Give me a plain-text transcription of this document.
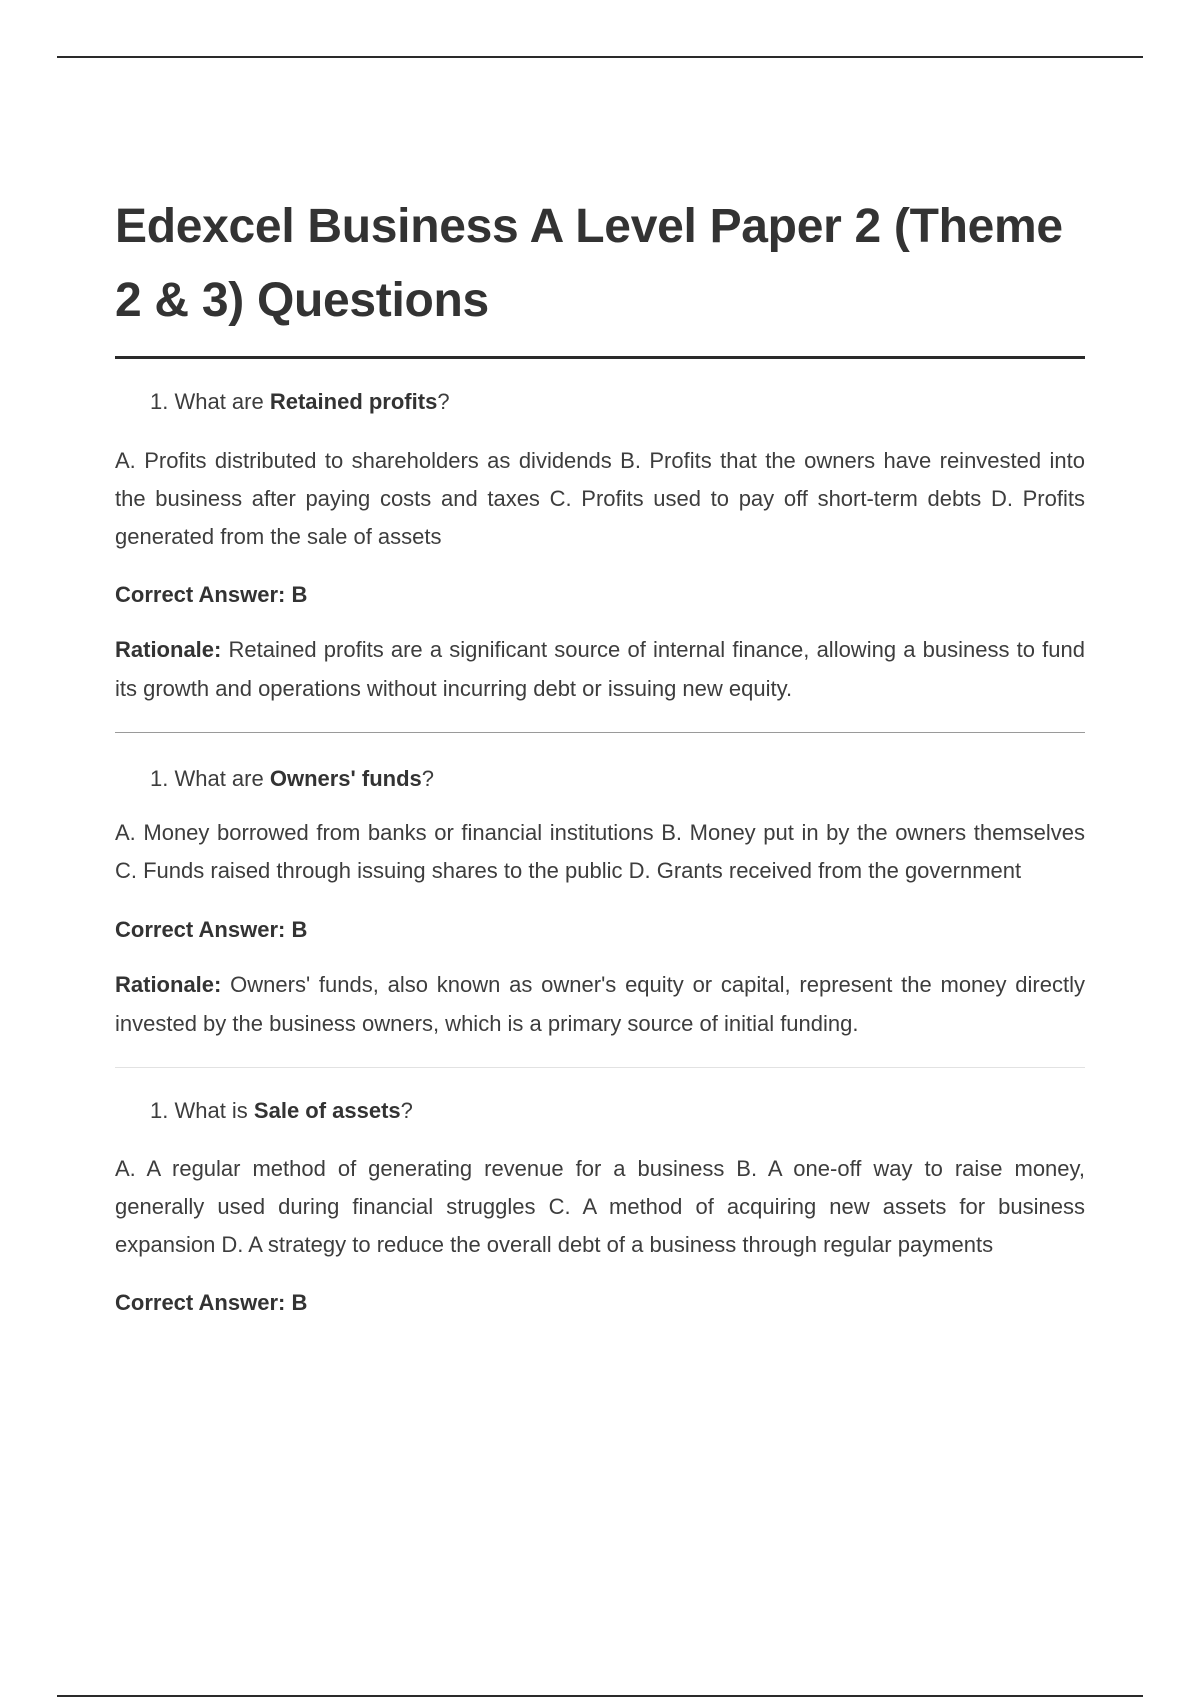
Edexcel Business A Level Paper 2 (Theme 2 & 3) Questions

1. What are Retained profits?

A. Profits distributed to shareholders as dividends B. Profits that the owners have reinvested into the business after paying costs and taxes C. Profits used to pay off short-term debts D. Profits generated from the sale of assets

Correct Answer: B

Rationale: Retained profits are a significant source of internal finance, allowing a business to fund its growth and operations without incurring debt or issuing new equity.

1. What are Owners' funds?

A. Money borrowed from banks or financial institutions B. Money put in by the owners themselves C. Funds raised through issuing shares to the public D. Grants received from the government

Correct Answer: B

Rationale: Owners' funds, also known as owner's equity or capital, represent the money directly invested by the business owners, which is a primary source of initial funding.

1. What is Sale of assets?

A. A regular method of generating revenue for a business B. A one-off way to raise money, generally used during financial struggles C. A method of acquiring new assets for business expansion D. A strategy to reduce the overall debt of a business through regular payments

Correct Answer: B
